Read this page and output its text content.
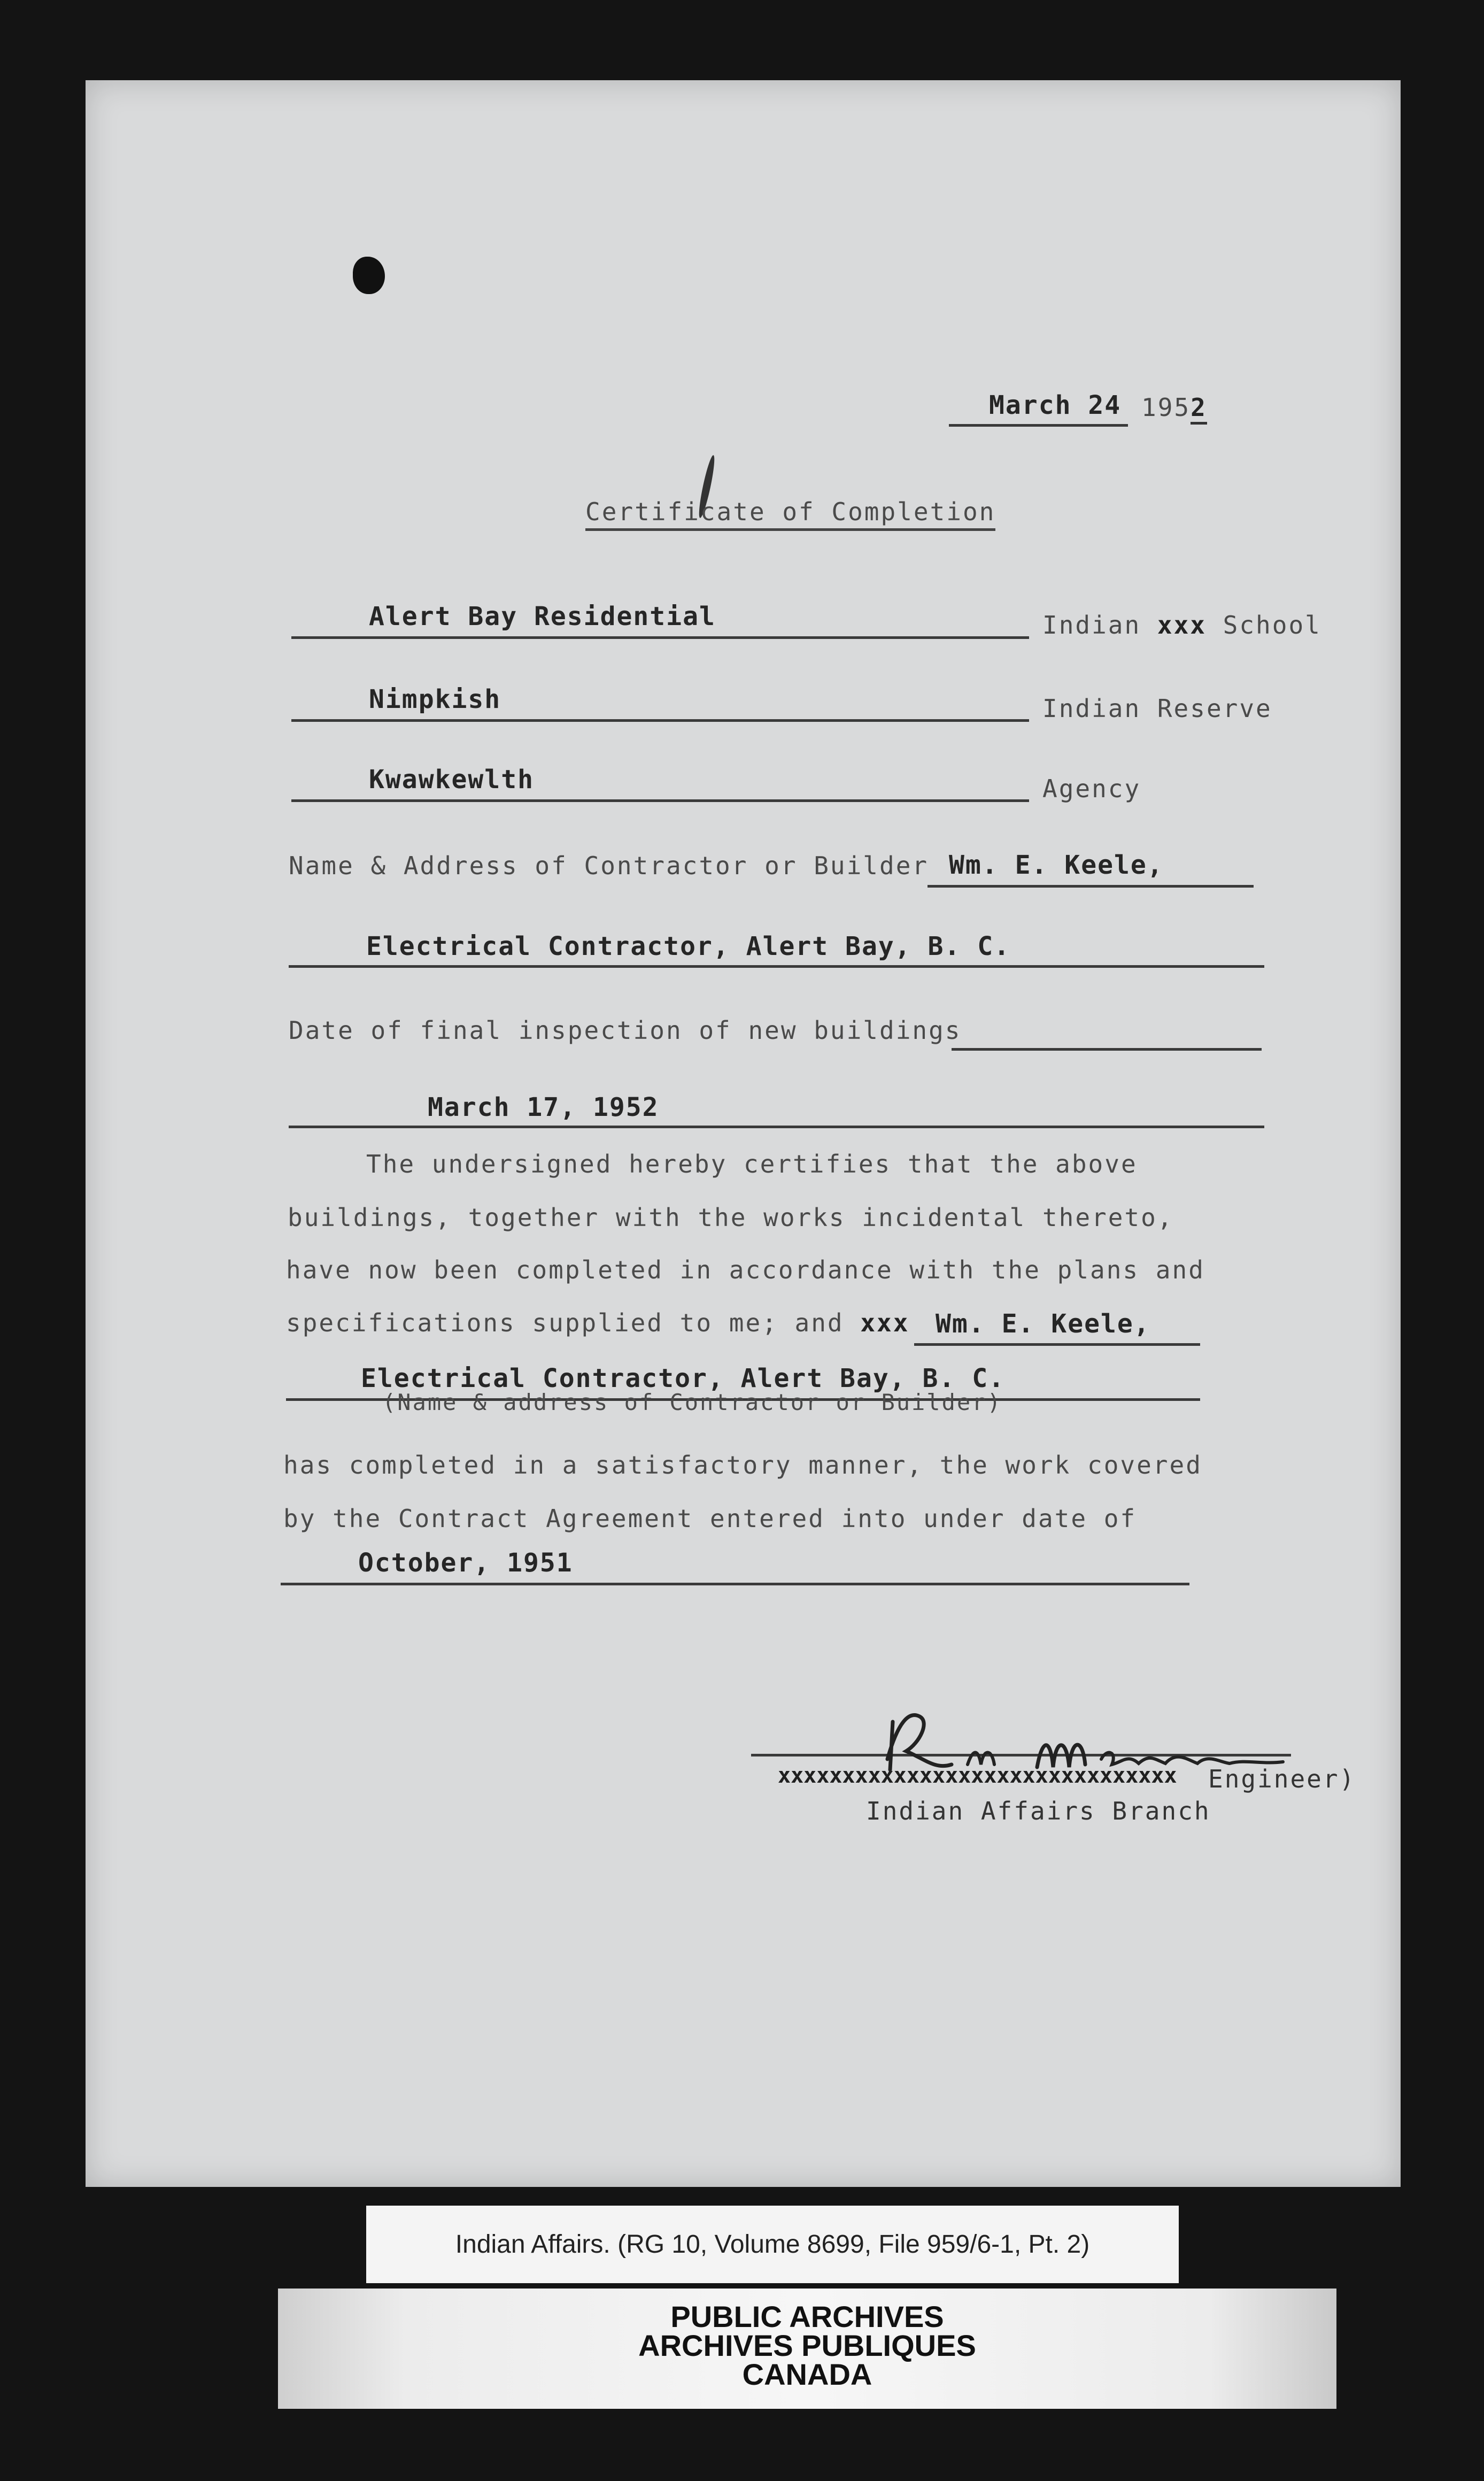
March 24 1952
Certificate of Completion
Alert Bay Residential	Indian xxx School
Nimpkish	Indian Reserve
Kwawkewlth	Agency
Name & Address of Contractor or Builder Wm. E. Keele,
Electrical Contractor, Alert Bay, B. C.
Date of final inspection of new buildings
March 17, 1952
The undersigned hereby certifies that the above
buildings, together with the works incidental thereto,
have now been completed in accordance with the plans and
specifications supplied to me; and xxx Wm. E. Keele,
Electrical Contractor, Alert Bay, B. C.
(Name & address of Contractor or Builder)
has completed in a satisfactory manner, the work covered
by the Contract Agreement entered into under date of
October, 1951
xxxxxxxxxxxxxxxxxxxxxxxxxxxxxxx Engineer)
Indian Affairs Branch
Indian Affairs. (RG 10, Volume 8699, File 959/6-1, Pt. 2)
PUBLIC ARCHIVES
ARCHIVES PUBLIQUES
CANADA
